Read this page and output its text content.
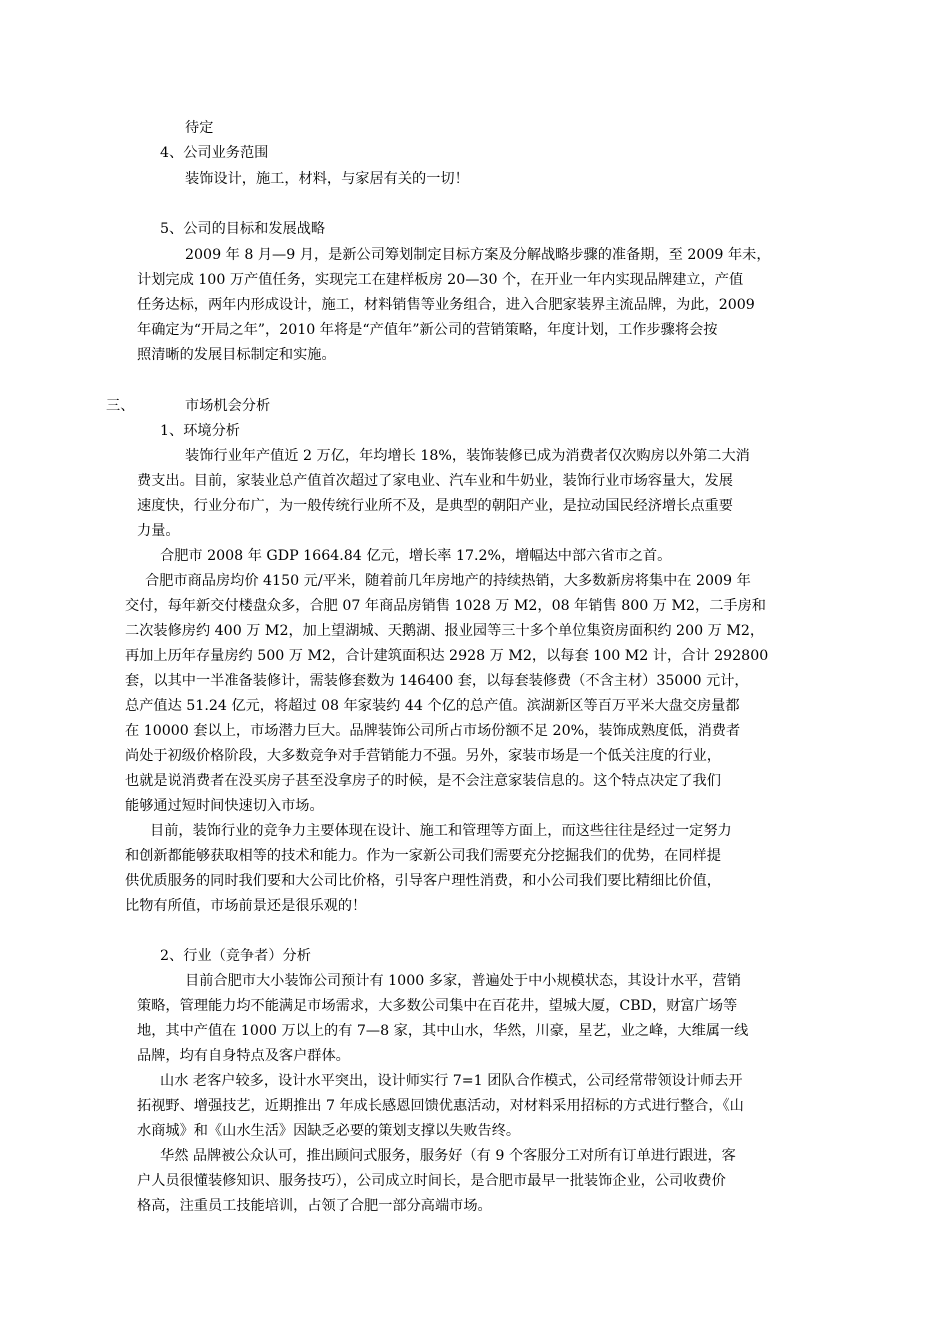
待定
4、公司业务范围
装饰设计，施工，材料，与家居有关的一切！
5、公司的目标和发展战略
2009 年 8 月—9 月，是新公司筹划制定目标方案及分解战略步骤的准备期，至 2009 年未，
计划完成 100 万产值任务，实现完工在建样板房 20—30 个，在开业一年内实现品牌建立，产值
任务达标，两年内形成设计，施工，材料销售等业务组合，进入合肥家装界主流品牌，为此，2009
年确定为“开局之年”，2010 年将是“产值年”新公司的营销策略，年度计划，工作步骤将会按
照清晰的发展目标制定和实施。
三、	市场机会分析
1、环境分析
装饰行业年产值近 2 万亿，年均增长 18%，装饰装修已成为消费者仅次购房以外第二大消
费支出。目前，家装业总产值首次超过了家电业、汽车业和牛奶业，装饰行业市场容量大，发展
速度快，行业分布广，为一般传统行业所不及，是典型的朝阳产业，是拉动国民经济增长点重要
力量。
合肥市 2008 年 GDP 1664.84 亿元，增长率 17.2%，增幅达中部六省市之首。
合肥市商品房均价 4150 元/平米，随着前几年房地产的持续热销，大多数新房将集中在 2009 年
交付，每年新交付楼盘众多，合肥 07 年商品房销售 1028 万 M2，08 年销售 800 万 M2，二手房和
二次装修房约 400 万 M2，加上望湖城、天鹅湖、报业园等三十多个单位集资房面积约 200 万 M2，
再加上历年存量房约 500 万 M2，合计建筑面积达 2928 万 M2，以每套 100 M2 计，合计 292800
套，以其中一半准备装修计，需装修套数为 146400 套，以每套装修费（不含主材）35000 元计，
总产值达 51.24 亿元，将超过 08 年家装约 44 个亿的总产值。滨湖新区等百万平米大盘交房量都
在 10000 套以上，市场潜力巨大。品牌装饰公司所占市场份额不足 20%，装饰成熟度低，消费者
尚处于初级价格阶段，大多数竞争对手营销能力不强。另外，家装市场是一个低关注度的行业，
也就是说消费者在没买房子甚至没拿房子的时候，是不会注意家装信息的。这个特点决定了我们
能够通过短时间快速切入市场。
目前，装饰行业的竞争力主要体现在设计、施工和管理等方面上，而这些往往是经过一定努力
和创新都能够获取相等的技术和能力。作为一家新公司我们需要充分挖掘我们的优势，在同样提
供优质服务的同时我们要和大公司比价格，引导客户理性消费，和小公司我们要比精细比价值，
比物有所值，市场前景还是很乐观的！
2、行业（竞争者）分析
目前合肥市大小装饰公司预计有 1000 多家，普遍处于中小规模状态，其设计水平，营销
策略，管理能力均不能满足市场需求，大多数公司集中在百花井，望城大厦，CBD，财富广场等
地，其中产值在 1000 万以上的有 7—8 家，其中山水，华然，川豪，星艺，业之峰，大维属一线
品牌，均有自身特点及客户群体。
山水 老客户较多，设计水平突出，设计师实行 7=1 团队合作模式，公司经常带领设计师去开
拓视野、增强技艺，近期推出 7 年成长感恩回馈优惠活动，对材料采用招标的方式进行整合，《山
水商城》和《山水生活》因缺乏必要的策划支撑以失败告终。
华然 品牌被公众认可，推出顾问式服务，服务好（有 9 个客服分工对所有订单进行跟进，客
户人员很懂装修知识、服务技巧），公司成立时间长，是合肥市最早一批装饰企业，公司收费价
格高，注重员工技能培训，占领了合肥一部分高端市场。
